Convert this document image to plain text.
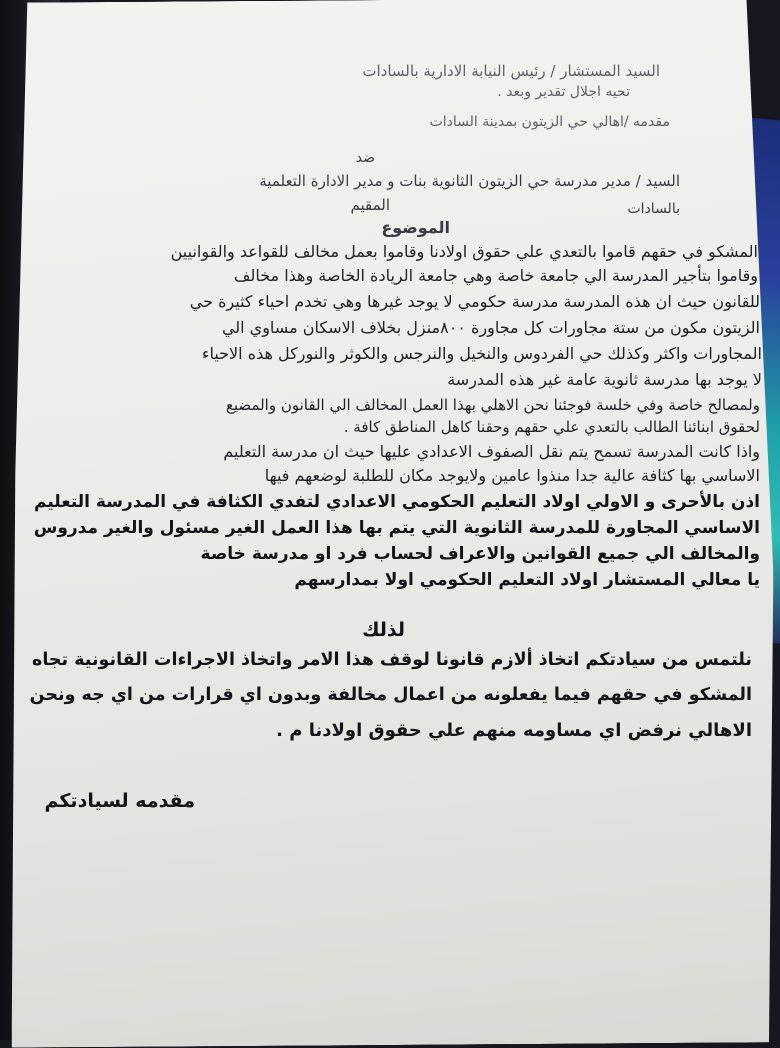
السيد المستشار / رئيس النيابة الادارية بالسادات
تحيه اجلال تقدير وبعد .
مقدمه /اهالي حي الزيتون بمدينة السادات
ضد
السيد / مدير مدرسة حي الزيتون الثانوية بنات و مدير الادارة التعلمية
المقيم	بالسادات
الموضوع
المشكو في حقهم قاموا بالتعدي علي حقوق اولادنا وقاموا بعمل مخالف للقواعد والقوانيين
وقاموا بتأجير المدرسة الي جامعة خاصة وهي جامعة الريادة الخاصة وهذا مخالف
للقانون حيث ان هذه المدرسة مدرسة حكومي لا يوجد غيرها وهي تخدم احياء كثيرة حي
الزيتون مكون من ستة مجاورات كل مجاورة ٨٠٠منزل بخلاف الاسكان مساوي الي
المجاورات واكثر وكذلك حي الفردوس والنخيل والنرجس والكوثر والنوركل هذه الاحياء
لا يوجد بها مدرسة ثانوية عامة غير هذه المدرسة
ولمصالح خاصة وفي خلسة فوجئنا نحن الاهلي بهذا العمل المخالف الي القانون والمضيع
لحقوق ابنائنا الطالب بالتعدي علي حقهم وحقنا كاهل المناطق كافة .
واذا كانت المدرسة تسمح يتم نقل الصفوف الاعدادي عليها حيث ان مدرسة التعليم
الاساسي بها كثافة عالية جدا منذوا عامين ولايوجد مكان للطلبة لوضعهم فيها
اذن بالأحرى و الاولي اولاد التعليم الحكومي الاعدادي لتفدي الكثافة في المدرسة التعليم
الاساسي المجاورة للمدرسة الثانوية التي يتم بها هذا العمل الغير مسئول والغير مدروس
والمخالف الي جميع القوانين والاعراف لحساب فرد او مدرسة خاصة
يا معالي المستشار اولاد التعليم الحكومي اولا بمدارسهم
لذلك
نلتمس من سيادتكم اتخاذ ألازم قانونا لوقف هذا الامر واتخاذ الاجراءات القانونية تجاه
المشكو في حقهم فيما يفعلونه من اعمال مخالفة وبدون اي قرارات من اي جه ونحن
الاهالي نرفض اي مساومه منهم علي حقوق اولادنا م .
مقدمه لسيادتكم
